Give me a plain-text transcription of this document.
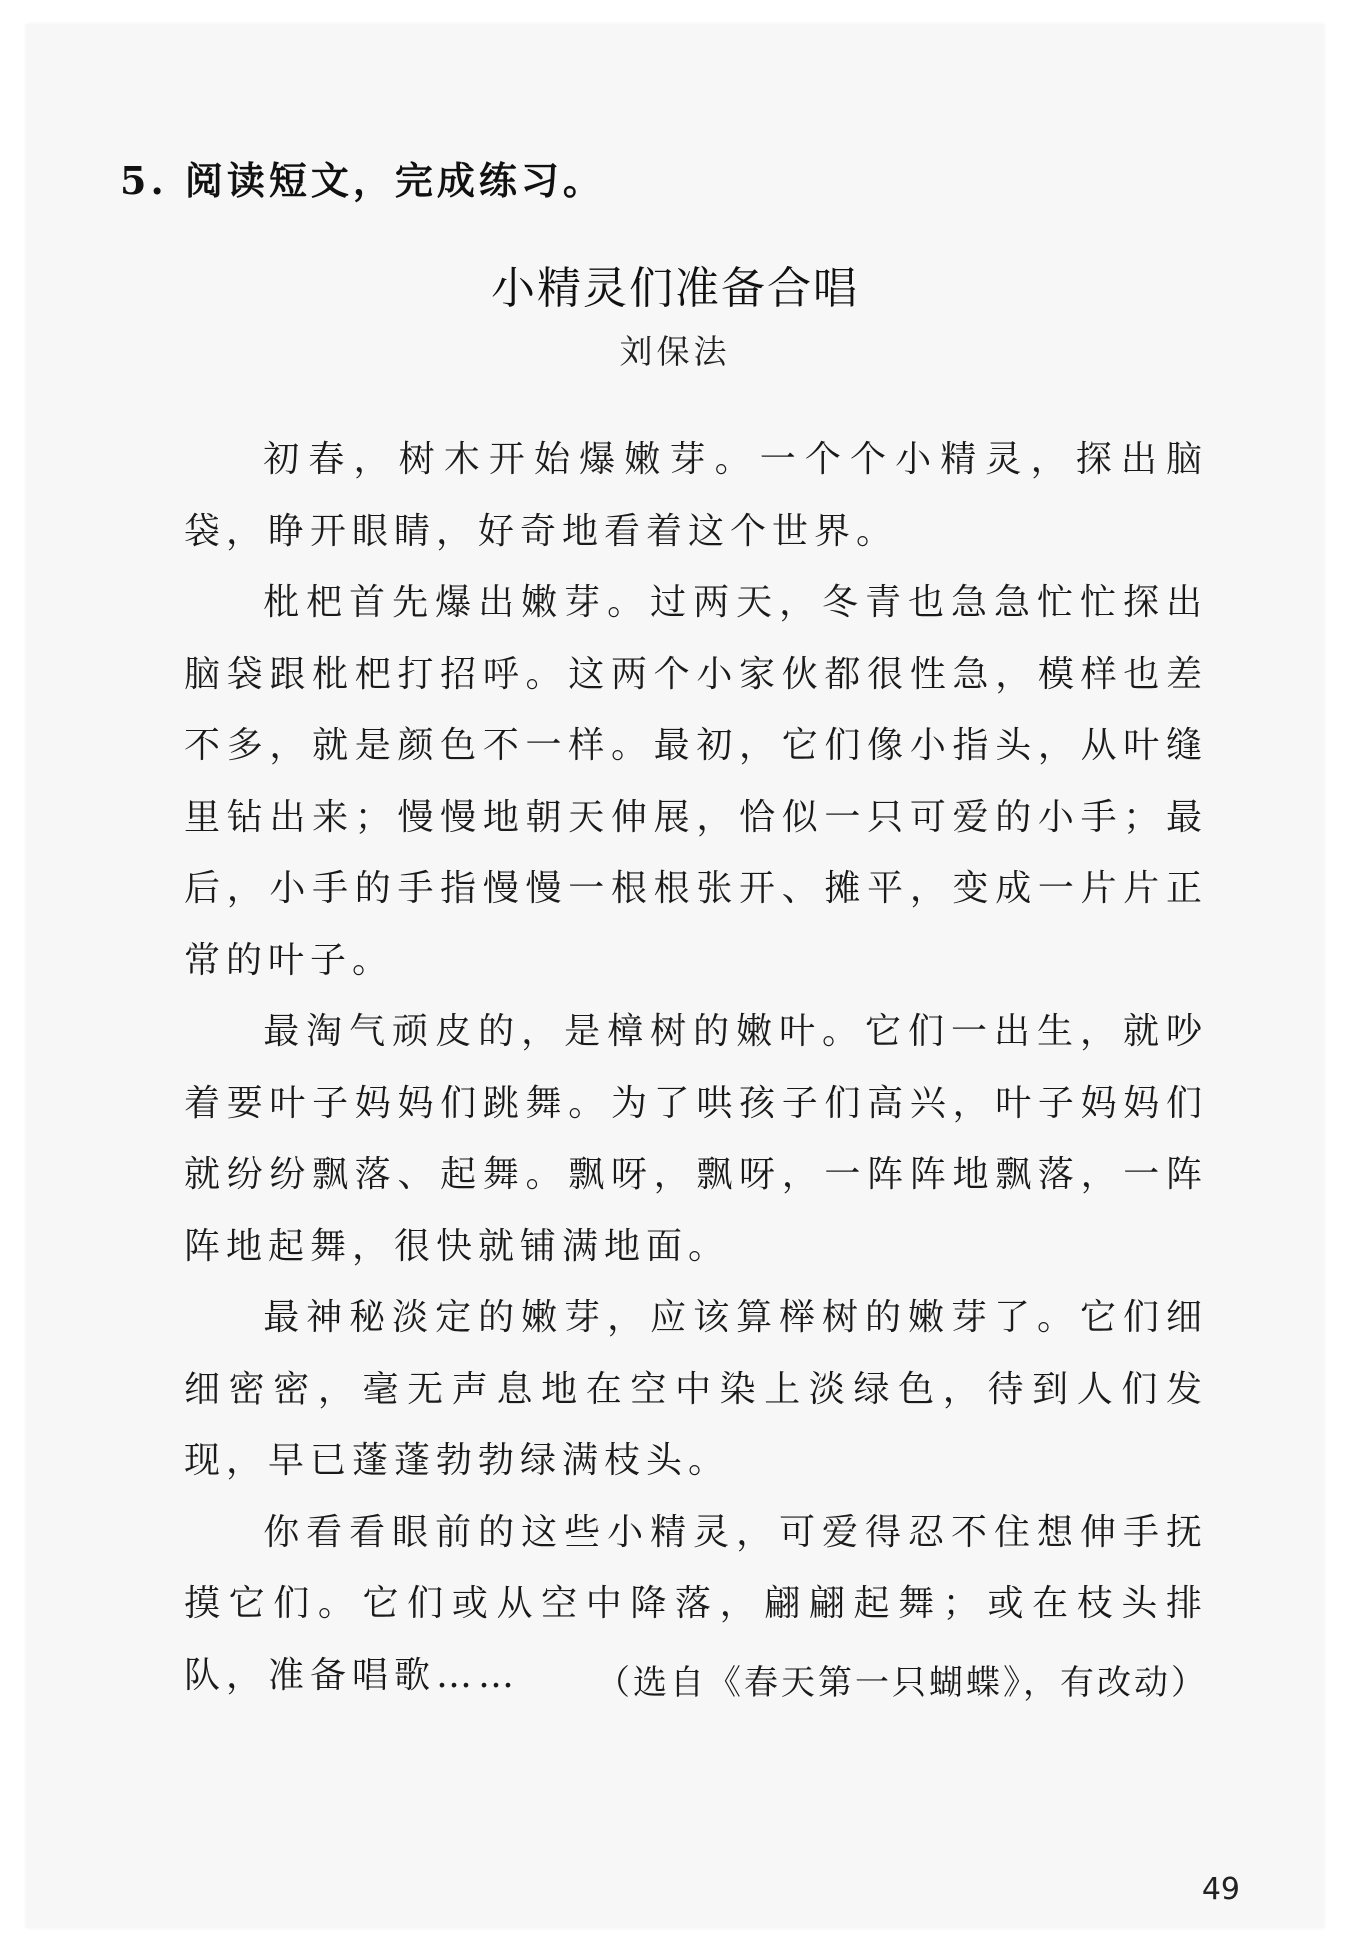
5. 阅读短文，完成练习。
小精灵们准备合唱
刘保法

初春，树木开始爆嫩芽。一个个小精灵，探出脑袋，睁开眼睛，好奇地看着这个世界。

枇杷首先爆出嫩芽。过两天，冬青也急急忙忙探出脑袋跟枇杷打招呼。这两个小家伙都很性急，模样也差不多，就是颜色不一样。最初，它们像小指头，从叶缝里钻出来；慢慢地朝天伸展，恰似一只可爱的小手；最后，小手的手指慢慢一根根张开、摊平，变成一片片正常的叶子。

最淘气顽皮的，是樟树的嫩叶。它们一出生，就吵着要叶子妈妈们跳舞。为了哄孩子们高兴，叶子妈妈们就纷纷飘落、起舞。飘呀，飘呀，一阵阵地飘落，一阵阵地起舞，很快就铺满地面。

最神秘淡定的嫩芽，应该算榉树的嫩芽了。它们细细密密，毫无声息地在空中染上淡绿色，待到人们发现，早已蓬蓬勃勃绿满枝头。

你看看眼前的这些小精灵，可爱得忍不住想伸手抚摸它们。它们或从空中降落，翩翩起舞；或在枝头排队，准备唱歌……	（选自《春天第一只蝴蝶》，有改动）
49
